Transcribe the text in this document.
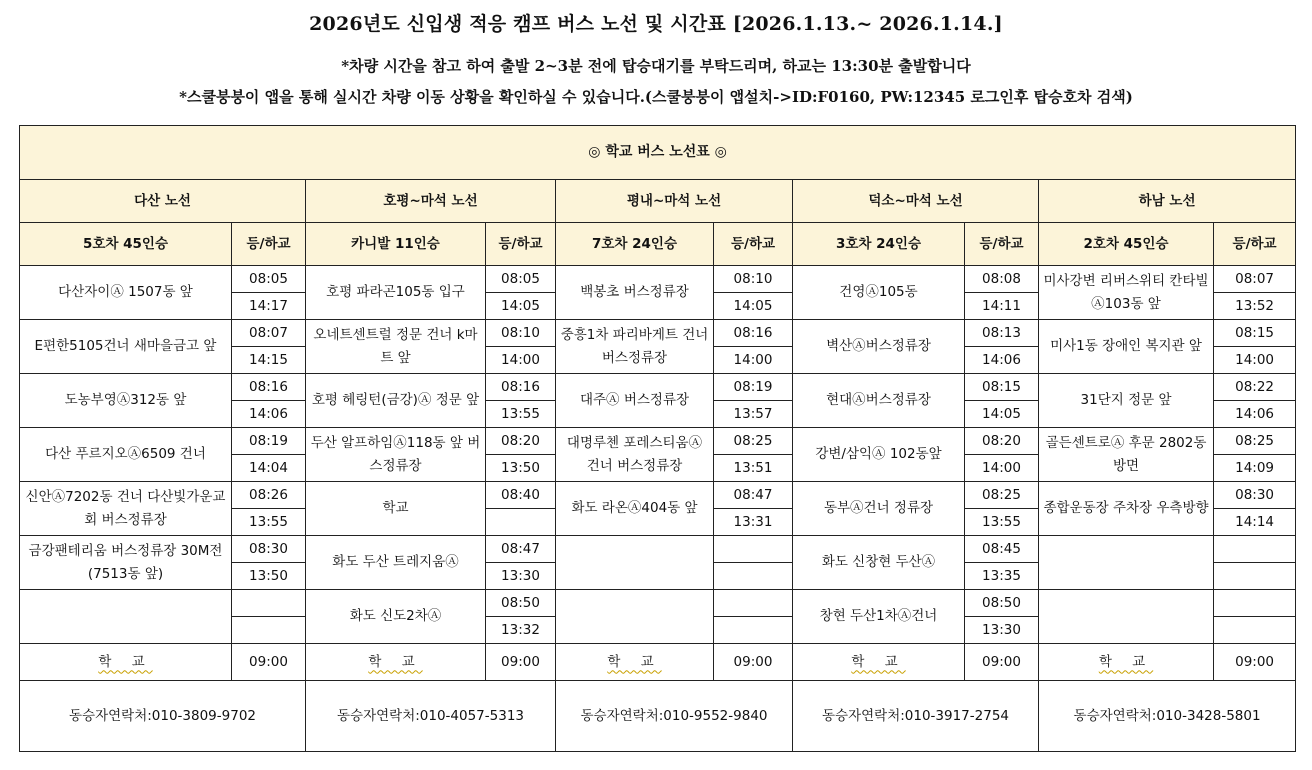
2026년도 신입생 적응 캠프 버스 노선 및 시간표 [2026.1.13.~ 2026.1.14.]
*차량 시간을 참고 하여 출발 2~3분 전에 탑승대기를 부탁드리며, 하교는 13:30분 출발합니다
*스쿨붕붕이 앱을 통해 실시간 차량 이동 상황을 확인하실 수 있습니다.(스쿨붕붕이 앱설치->ID:F0160, PW:12345 로그인후 탑승호차 검색)
◎ 학교 버스 노선표 ◎									
다산 노선		호평~마석 노선		평내~마석 노선		덕소~마석 노선		하남 노선	
5호차 45인승	등/하교	카니발 11인승	등/하교	7호차 24인승	등/하교	3호차 24인승	등/하교	2호차 45인승	등/하교
다산자이Ⓐ 1507동 앞	08:05	호평 파라곤105동 입구	08:05	백봉초 버스정류장	08:10	건영Ⓐ105동	08:08	미사강변 리버스위티 칸타빌Ⓐ103동 앞	08:07
	14:17		14:05		14:05		14:11		13:52
E편한5105건너 새마을금고 앞	08:07	오네트센트럴 정문 건너 k마트 앞	08:10	중흥1차 파리바게트 건너 버스정류장	08:16	벽산Ⓐ버스정류장	08:13	미사1동 장애인 복지관 앞	08:15
	14:15		14:00		14:00		14:06		14:00
도농부영Ⓐ312동 앞	08:16	호평 헤링턴(금강)Ⓐ 정문 앞	08:16	대주Ⓐ 버스정류장	08:19	현대Ⓐ버스정류장	08:15	31단지 정문 앞	08:22
	14:06		13:55		13:57		14:05		14:06
다산 푸르지오Ⓐ6509 건너	08:19	두산 알프하임Ⓐ118동 앞 버스정류장	08:20	대명루첸 포레스티움Ⓐ 건너 버스정류장	08:25	강변/삼익Ⓐ 102동앞	08:20	골든센트로Ⓐ 후문 2802동 방면	08:25
	14:04		13:50		13:51		14:00		14:09
신안Ⓐ7202동 건너 다산빛가운교회 버스정류장	08:26	학교	08:40	화도 라온Ⓐ404동 앞	08:47	동부Ⓐ건너 정류장	08:25	종합운동장 주차장 우측방향	08:30
	13:55				13:31		13:55		14:14
금강팬테리움 버스정류장 30M전 (7513동 앞)	08:30	화도 두산 트레지움Ⓐ	08:47			화도 신창현 두산Ⓐ	08:45		
	13:50		13:30				13:35		
		화도 신도2차Ⓐ	08:50			창현 두산1차Ⓐ건너	08:50		
			13:32				13:30		
학 교	09:00	학 교	09:00	학 교	09:00	학 교	09:00	학 교	09:00
동승자연락처:010-3809-9702		동승자연락처:010-4057-5313		동승자연락처:010-9552-9840		동승자연락처:010-3917-2754		동승자연락처:010-3428-5801	
